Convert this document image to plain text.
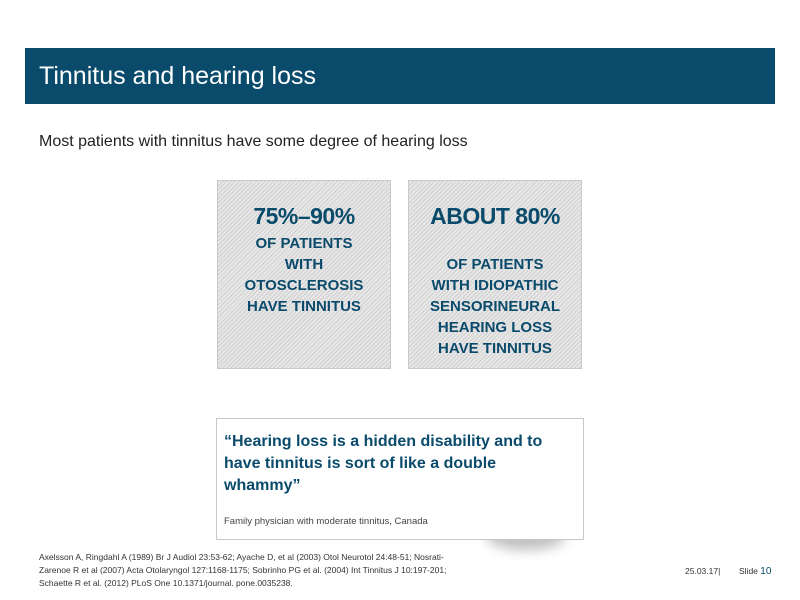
Tinnitus and hearing loss
Most patients with tinnitus have some degree of hearing loss
75%–90%
OF PATIENTS
WITH
OTOSCLEROSIS
HAVE TINNITUS
ABOUT 80%
OF PATIENTS
WITH IDIOPATHIC
SENSORINEURAL
HEARING LOSS
HAVE TINNITUS
“Hearing loss is a hidden disability and to
have tinnitus is sort of like a double
whammy”
Family physician with moderate tinnitus, Canada
Axelsson A, Ringdahl A (1989) Br J Audiol 23:53-62; Ayache D, et al (2003) Otol Neurotol 24:48-51; Nosrati-
Zarenoe R et al (2007) Acta Otolaryngol 127:1168-1175; Sobrinho PG et al. (2004) Int Tinnitus J 10:197-201;
Schaette R et al. (2012) PLoS One 10.1371/journal. pone.0035238.
25.03.17| Slide 10
